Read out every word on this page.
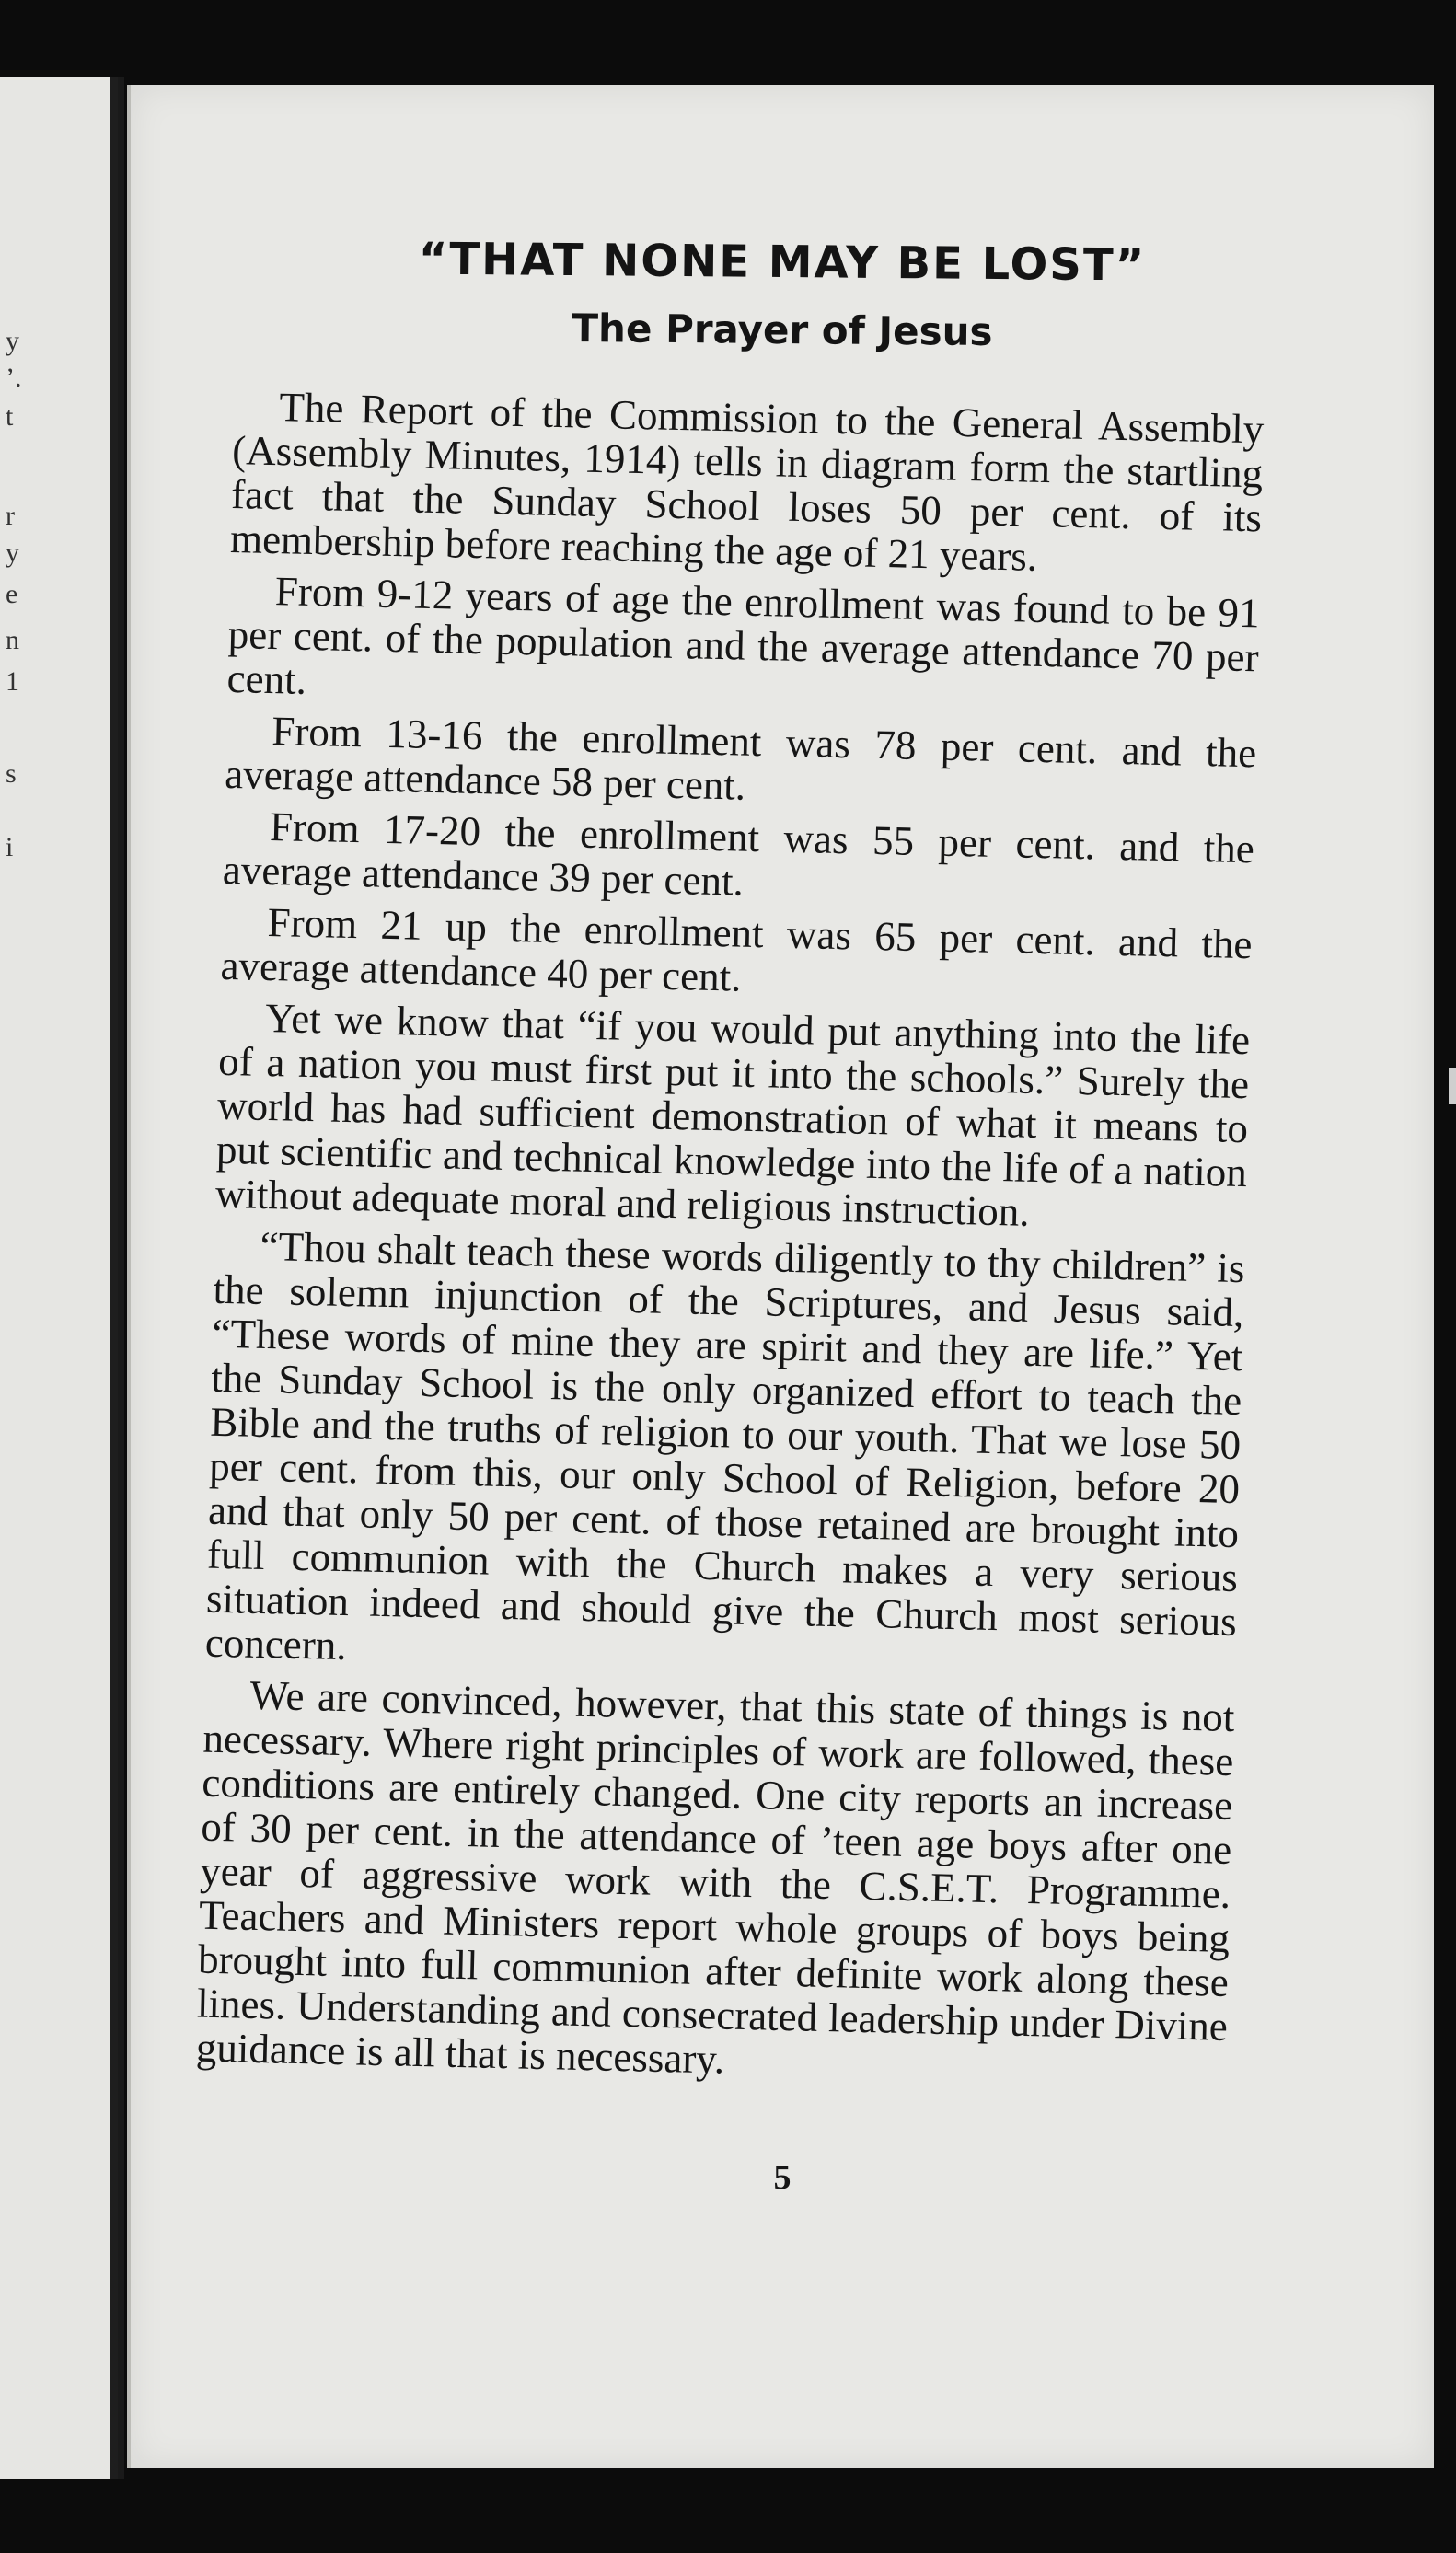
y
’.
t
r
y
e
n
1
s
i
“THAT NONE MAY BE LOST”
The Prayer of Jesus

The Report of the Commission to the General Assembly (Assembly Minutes, 1914) tells in diagram form the startling fact that the Sunday School loses 50 per cent. of its membership before reaching the age of 21 years.

From 9-12 years of age the enrollment was found to be 91 per cent. of the population and the average attendance 70 per cent.

From 13-16 the enrollment was 78 per cent. and the average attendance 58 per cent.

From 17-20 the enrollment was 55 per cent. and the average attendance 39 per cent.

From 21 up the enrollment was 65 per cent. and the average attendance 40 per cent.

Yet we know that “if you would put anything into the life of a nation you must first put it into the schools.” Surely the world has had sufficient demonstration of what it means to put scientific and technical knowledge into the life of a nation without adequate moral and religious instruction.

“Thou shalt teach these words diligently to thy children” is the solemn injunction of the Scriptures, and Jesus said, “These words of mine they are spirit and they are life.” Yet the Sunday School is the only organized effort to teach the Bible and the truths of religion to our youth. That we lose 50 per cent. from this, our only School of Religion, before 20 and that only 50 per cent. of those retained are brought into full communion with the Church makes a very serious situation indeed and should give the Church most serious concern.

We are convinced, however, that this state of things is not necessary. Where right principles of work are followed, these conditions are entirely changed. One city reports an increase of 30 per cent. in the attendance of ’teen age boys after one year of aggressive work with the C.S.E.T. Programme. Teachers and Ministers report whole groups of boys being brought into full communion after definite work along these lines. Understanding and consecrated leadership under Divine guidance is all that is necessary.

5
